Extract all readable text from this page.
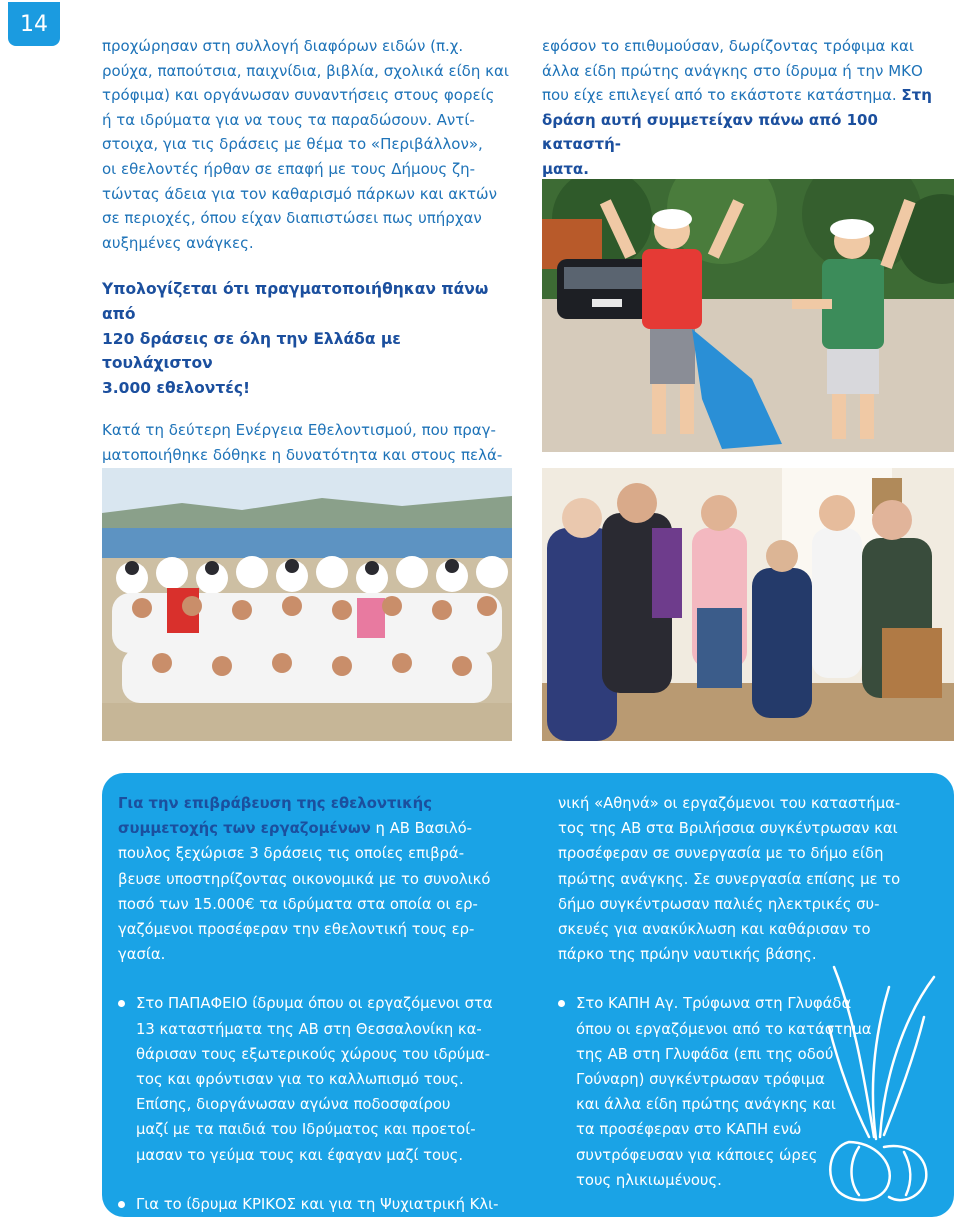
14

προχώρησαν στη συλλογή διαφόρων ειδών (π.χ.
ρούχα, παπούτσια, παιχνίδια, βιβλία, σχολικά είδη και
τρόφιμα) και οργάνωσαν συναντήσεις στους φορείς
ή τα ιδρύματα για να τους τα παραδώσουν. Αντί-
στοιχα, για τις δράσεις με θέμα το «Περιβάλλον»,
οι εθελοντές ήρθαν σε επαφή με τους Δήμους ζη-
τώντας άδεια για τον καθαρισμό πάρκων και ακτών
σε περιοχές, όπου είχαν διαπιστώσει πως υπήρχαν
αυξημένες ανάγκες.

Υπολογίζεται ότι πραγματοποιήθηκαν πάνω από
120 δράσεις σε όλη την Ελλάδα με τουλάχιστον
3.000 εθελοντές!

Κατά τη δεύτερη Ενέργεια Εθελοντισμού, που πραγ-
ματοποιήθηκε δόθηκε η δυνατότητα και στους πελά-

εφόσον το επιθυμούσαν, δωρίζοντας τρόφιμα και
άλλα είδη πρώτης ανάγκης στο ίδρυμα ή την ΜΚΟ
που είχε επιλεγεί από το εκάστοτε κατάστημα. Στη
δράση αυτή συμμετείχαν πάνω από 100 καταστή-
ματα.

Για την επιβράβευση της εθελοντικής
συμμετοχής των εργαζομένων η ΑΒ Βασιλό-
πουλος ξεχώρισε 3 δράσεις τις οποίες επιβρά-
βευσε υποστηρίζοντας οικονομικά με το συνολικό
ποσό των 15.000€ τα ιδρύματα στα οποία οι ερ-
γαζόμενοι προσέφεραν την εθελοντική τους ερ-
γασία.

Στο ΠΑΠΑΦΕΙΟ ίδρυμα όπου οι εργαζόμενοι στα
13 καταστήματα της ΑΒ στη Θεσσαλονίκη κα-
θάρισαν τους εξωτερικούς χώρους του ιδρύμα-
τος και φρόντισαν για το καλλωπισμό τους.
Επίσης, διοργάνωσαν αγώνα ποδοσφαίρου
μαζί με τα παιδιά του Ιδρύματος και προετοί-
μασαν το γεύμα τους και έφαγαν μαζί τους.

Για το ίδρυμα ΚΡΙΚΟΣ και για τη Ψυχιατρική Κλι-

νική «Αθηνά» οι εργαζόμενοι του καταστήμα-
τος της ΑΒ στα Βριλήσσια συγκέντρωσαν και
προσέφεραν σε συνεργασία με το δήμο είδη
πρώτης ανάγκης. Σε συνεργασία επίσης με το
δήμο συγκέντρωσαν παλιές ηλεκτρικές συ-
σκευές για ανακύκλωση και καθάρισαν το
πάρκο της πρώην ναυτικής βάσης.

Στο ΚΑΠΗ Αγ. Τρύφωνα στη Γλυφάδα
όπου οι εργαζόμενοι από το κατάστημα
της ΑΒ στη Γλυφάδα (επι της οδού
Γούναρη) συγκέντρωσαν τρόφιμα
και άλλα είδη πρώτης ανάγκης και
τα προσέφεραν στο ΚΑΠΗ ενώ
συντρόφευσαν για κάποιες ώρες
τους ηλικιωμένους.
